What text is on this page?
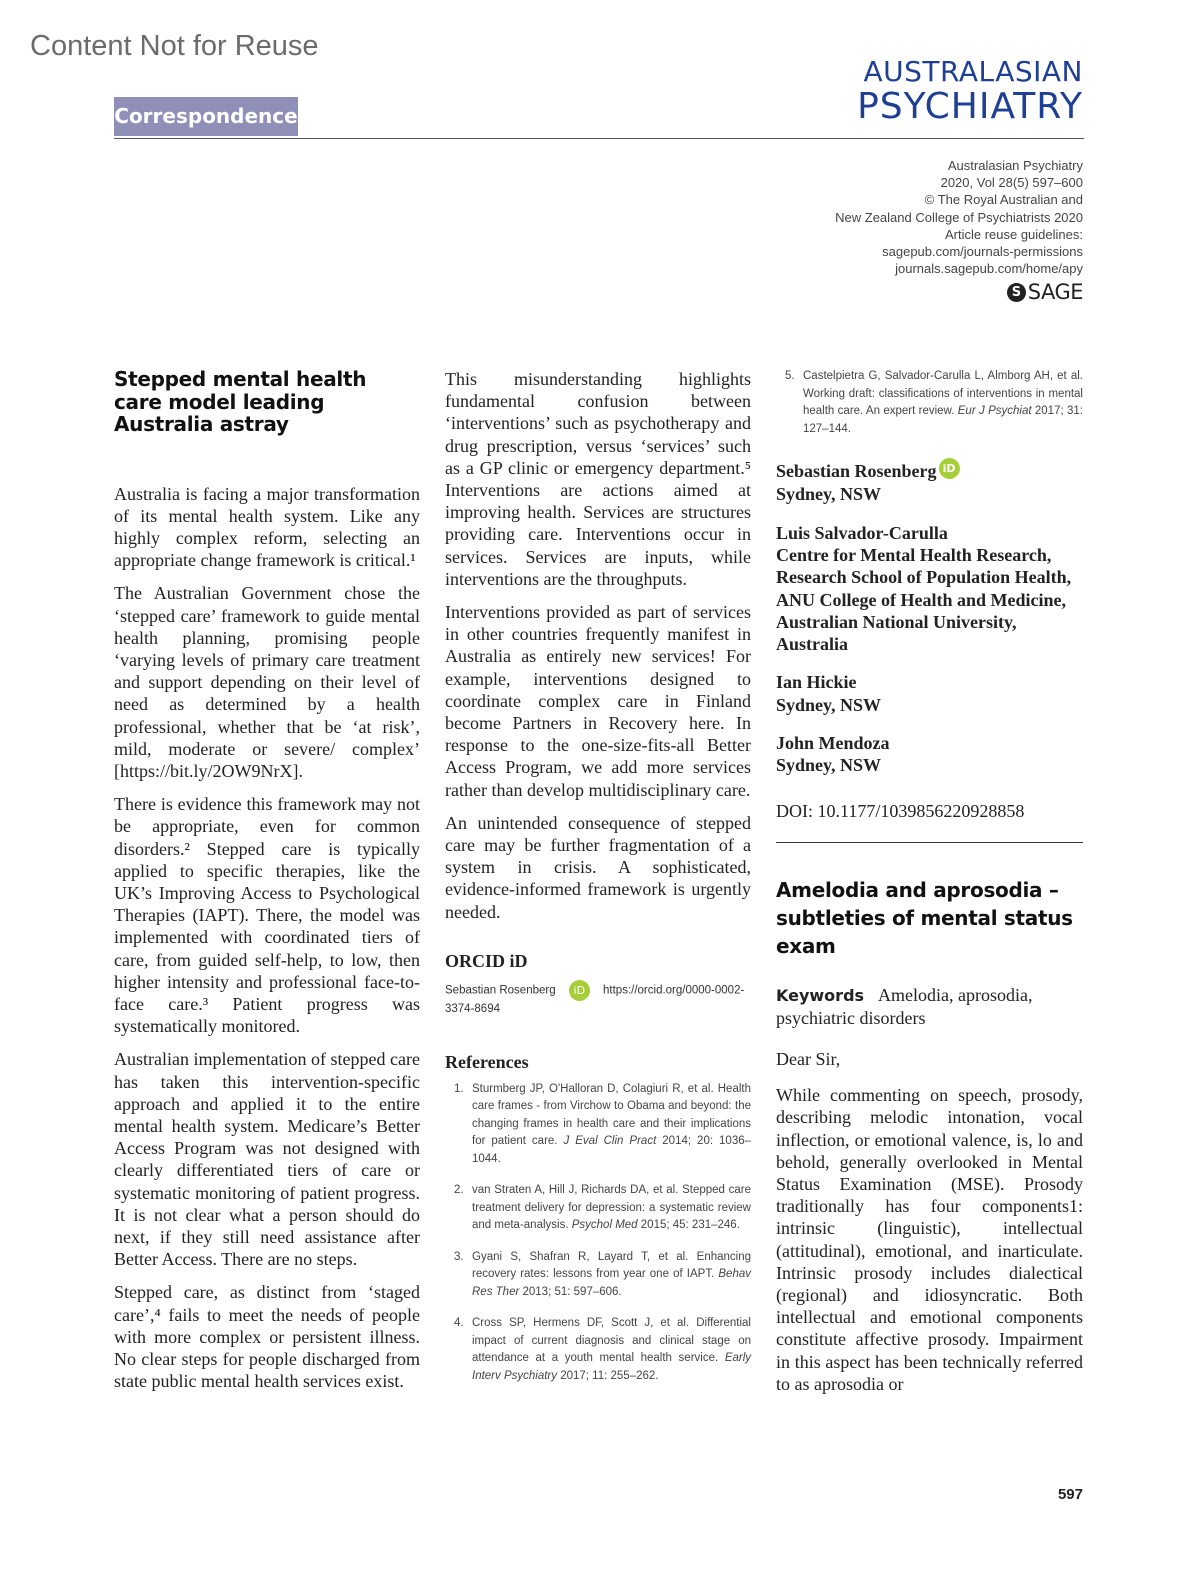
Content Not for Reuse
Correspondence
AUSTRALASIAN
PSYCHIATRY
Australasian Psychiatry
2020, Vol 28(5) 597–600
© The Royal Australian and
New Zealand College of Psychiatrists 2020
Article reuse guidelines:
sagepub.com/journals-permissions
journals.sagepub.com/home/apy
S SAGE
Stepped mental health care model leading Australia astray

Australia is facing a major transformation of its mental health system. Like any highly complex reform, selecting an appropriate change framework is critical.¹

The Australian Government chose the ‘stepped care’ framework to guide mental health planning, promising people ‘varying levels of primary care treatment and support depending on their level of need as determined by a health professional, whether that be ‘at risk’, mild, moderate or severe/ complex’ [https://bit.ly/2OW9NrX].

There is evidence this framework may not be appropriate, even for common disorders.² Stepped care is typically applied to specific therapies, like the UK’s Improving Access to Psychological Therapies (IAPT). There, the model was implemented with coordinated tiers of care, from guided self-help, to low, then higher intensity and professional face-to-face care.³ Patient progress was systematically monitored.

Australian implementation of stepped care has taken this intervention-specific approach and applied it to the entire mental health system. Medicare’s Better Access Program was not designed with clearly differentiated tiers of care or systematic monitoring of patient progress. It is not clear what a person should do next, if they still need assistance after Better Access. There are no steps.

Stepped care, as distinct from ‘staged care’,⁴ fails to meet the needs of people with more complex or persistent illness. No clear steps for people discharged from state public mental health services exist.

This misunderstanding highlights fundamental confusion between ‘interventions’ such as psychotherapy and drug prescription, versus ‘services’ such as a GP clinic or emergency department.⁵ Interventions are actions aimed at improving health. Services are structures providing care. Interventions occur in services. Services are inputs, while interventions are the throughputs.

Interventions provided as part of services in other countries frequently manifest in Australia as entirely new services! For example, interventions designed to coordinate complex care in Finland become Partners in Recovery here. In response to the one-size-fits-all Better Access Program, we add more services rather than develop multidisciplinary care.

An unintended consequence of stepped care may be further fragmentation of a system in crisis. A sophisticated, evidence-informed framework is urgently needed.

ORCID iD
Sebastian Rosenberg iD https://orcid.org/0000-0002-3374-8694
References
1. Sturmberg JP, O'Halloran D, Colagiuri R, et al. Health care frames - from Virchow to Obama and beyond: the changing frames in health care and their implications for patient care. J Eval Clin Pract 2014; 20: 1036–1044.
2. van Straten A, Hill J, Richards DA, et al. Stepped care treatment delivery for depression: a systematic review and meta-analysis. Psychol Med 2015; 45: 231–246.
3. Gyani S, Shafran R, Layard T, et al. Enhancing recovery rates: lessons from year one of IAPT. Behav Res Ther 2013; 51: 597–606.
4. Cross SP, Hermens DF, Scott J, et al. Differential impact of current diagnosis and clinical stage on attendance at a youth mental health service. Early Interv Psychiatry 2017; 11: 255–262.
5. Castelpietra G, Salvador-Carulla L, Almborg AH, et al. Working draft: classifications of interventions in mental health care. An expert review. Eur J Psychiat 2017; 31: 127–144.
Sebastian Rosenberg iD
Sydney, NSW
Luis Salvador-Carulla
Centre for Mental Health Research, Research School of Population Health, ANU College of Health and Medicine, Australian National University, Australia
Ian Hickie
Sydney, NSW
John Mendoza
Sydney, NSW
DOI: 10.1177/1039856220928858
Amelodia and aprosodia – subtleties of mental status exam
Keywords Amelodia, aprosodia, psychiatric disorders
Dear Sir,

While commenting on speech, prosody, describing melodic intonation, vocal inflection, or emotional valence, is, lo and behold, generally overlooked in Mental Status Examination (MSE). Prosody traditionally has four components1: intrinsic (linguistic), intellectual (attitudinal), emotional, and inarticulate. Intrinsic prosody includes dialectical (regional) and idiosyncratic. Both intellectual and emotional components constitute affective prosody. Impairment in this aspect has been technically referred to as aprosodia or

597
